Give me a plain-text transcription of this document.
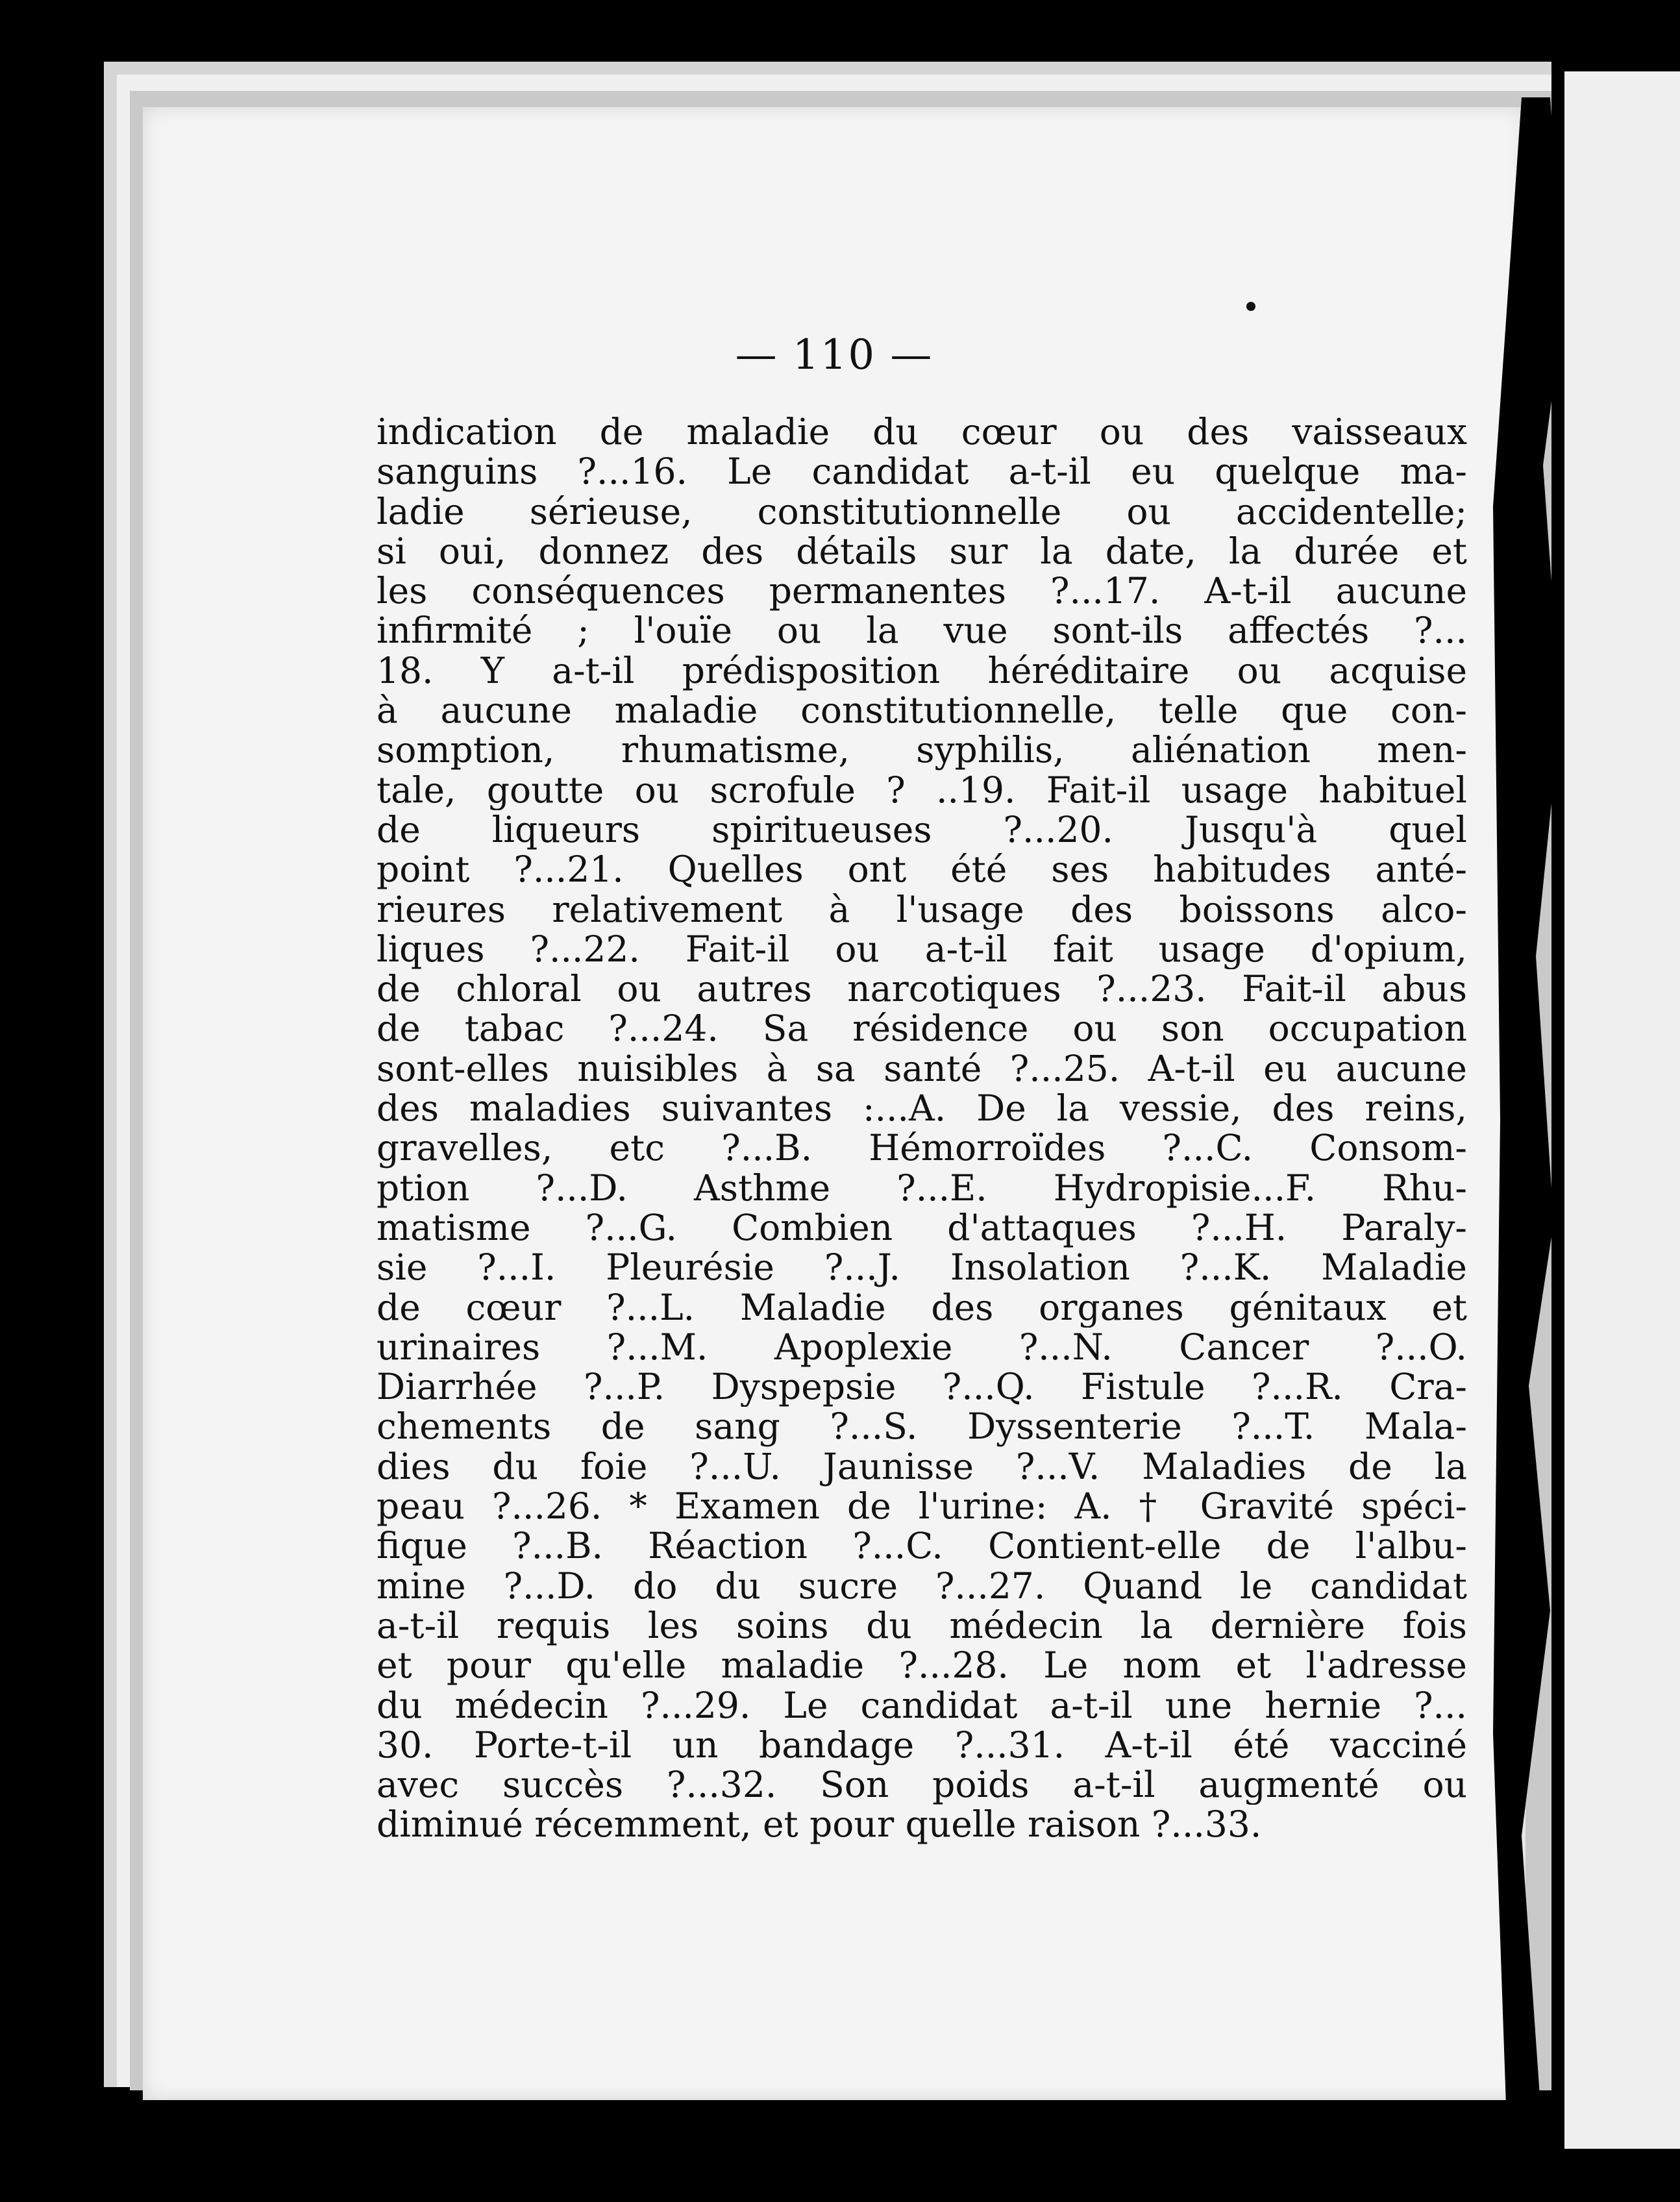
— 110 —
indication de maladie du cœur ou des vaisseaux
sanguins ?...16. Le candidat a-t-il eu quelque ma-
ladie sérieuse, constitutionnelle ou accidentelle;
si oui, donnez des détails sur la date, la durée et
les conséquences permanentes ?...17. A-t-il aucune
infirmité ; l'ouïe ou la vue sont-ils affectés ?...
18. Y a-t-il prédisposition héréditaire ou acquise
à aucune maladie constitutionnelle, telle que con-
somption, rhumatisme, syphilis, aliénation men-
tale, goutte ou scrofule ? ..19. Fait-il usage habituel
de liqueurs spiritueuses ?...20. Jusqu'à quel
point ?...21. Quelles ont été ses habitudes anté-
rieures relativement à l'usage des boissons alco-
liques ?...22. Fait-il ou a-t-il fait usage d'opium,
de chloral ou autres narcotiques ?...23. Fait-il abus
de tabac ?...24. Sa résidence ou son occupation
sont-elles nuisibles à sa santé ?...25. A-t-il eu aucune
des maladies suivantes :...A. De la vessie, des reins,
gravelles, etc ?...B. Hémorroïdes ?...C. Consom-
ption ?...D. Asthme ?...E. Hydropisie...F. Rhu-
matisme ?...G. Combien d'attaques ?...H. Paraly-
sie ?...I. Pleurésie ?...J. Insolation ?...K. Maladie
de cœur ?...L. Maladie des organes génitaux et
urinaires ?...M. Apoplexie ?...N. Cancer ?...O.
Diarrhée ?...P. Dyspepsie ?...Q. Fistule ?...R. Cra-
chements de sang ?...S. Dyssenterie ?...T. Mala-
dies du foie ?...U. Jaunisse ?...V. Maladies de la
peau ?...26. * Examen de l'urine: A. † Gravité spéci-
fique ?...B. Réaction ?...C. Contient-elle de l'albu-
mine ?...D. do du sucre ?...27. Quand le candidat
a-t-il requis les soins du médecin la dernière fois
et pour qu'elle maladie ?...28. Le nom et l'adresse
du médecin ?...29. Le candidat a-t-il une hernie ?...
30. Porte-t-il un bandage ?...31. A-t-il été vacciné
avec succès ?...32. Son poids a-t-il augmenté ou
diminué récemment, et pour quelle raison ?...33.
